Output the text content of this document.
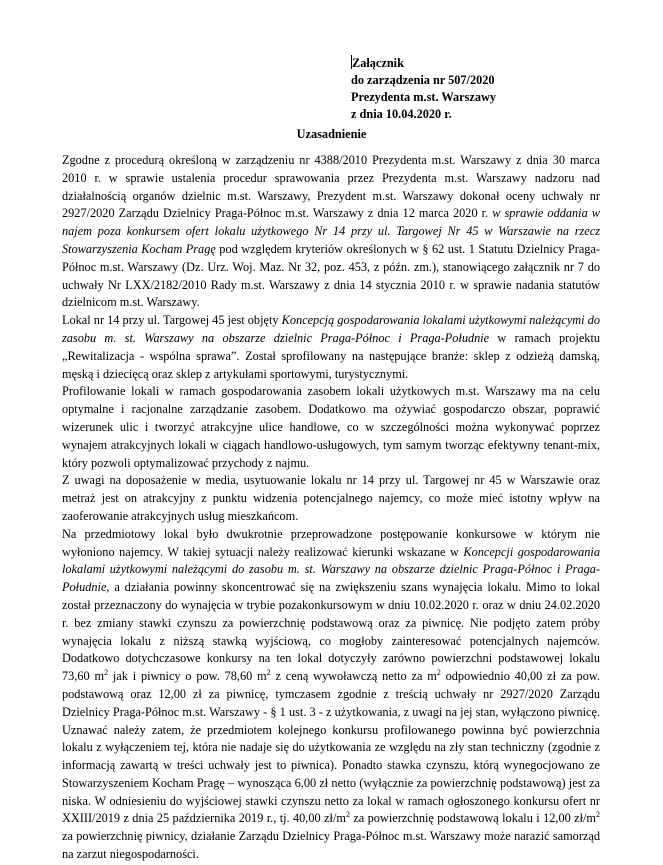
Załącznik
do zarządzenia nr 507/2020
Prezydenta m.st. Warszawy
z dnia 10.04.2020 r.
Uzasadnienie

Zgodne z procedurą określoną w zarządzeniu nr 4388/2010 Prezydenta m.st. Warszawy z dnia 30 marca 2010 r. w sprawie ustalenia procedur sprawowania przez Prezydenta m.st. Warszawy nadzoru nad działalnością organów dzielnic m.st. Warszawy, Prezydent m.st. Warszawy dokonał oceny uchwały nr 2927/2020 Zarządu Dzielnicy Praga-Północ m.st. Warszawy z dnia 12 marca 2020 r. w sprawie oddania w najem poza konkursem ofert lokalu użytkowego Nr 14 przy ul. Targowej Nr 45 w Warszawie na rzecz Stowarzyszenia Kocham Pragę pod względem kryteriów określonych w § 62 ust. 1 Statutu Dzielnicy Praga-Północ m.st. Warszawy (Dz. Urz. Woj. Maz. Nr 32, poz. 453, z późn. zm.), stanowiącego załącznik nr 7 do uchwały Nr LXX/2182/2010 Rady m.st. Warszawy z dnia 14 stycznia 2010 r. w sprawie nadania statutów dzielnicom m.st. Warszawy.

Lokal nr 14 przy ul. Targowej 45 jest objęty Koncepcją gospodarowania lokalami użytkowymi należącymi do zasobu m. st. Warszawy na obszarze dzielnic Praga-Północ i Praga-Południe w ramach projektu „Rewitalizacja - wspólna sprawa”. Został sprofilowany na następujące branże: sklep z odzieżą damską, męską i dziecięcą oraz sklep z artykułami sportowymi, turystycznymi.

Profilowanie lokali w ramach gospodarowania zasobem lokali użytkowych m.st. Warszawy ma na celu optymalne i racjonalne zarządzanie zasobem. Dodatkowo ma ożywiać gospodarczo obszar, poprawić wizerunek ulic i tworzyć atrakcyjne ulice handlowe, co w szczególności można wykonywać poprzez wynajem atrakcyjnych lokali w ciągach handlowo-usługowych, tym samym tworząc efektywny tenant-mix, który pozwoli optymalizować przychody z najmu.

Z uwagi na doposażenie w media, usytuowanie lokalu nr 14 przy ul. Targowej nr 45 w Warszawie oraz metraż jest on atrakcyjny z punktu widzenia potencjalnego najemcy, co może mieć istotny wpływ na zaoferowanie atrakcyjnych usług mieszkańcom.

Na przedmiotowy lokal było dwukrotnie przeprowadzone postępowanie konkursowe w którym nie wyłoniono najemcy. W takiej sytuacji należy realizować kierunki wskazane w Koncepcji gospodarowania lokalami użytkowymi należącymi do zasobu m. st. Warszawy na obszarze dzielnic Praga-Północ i Praga-Południe, a działania powinny skoncentrować się na zwiększeniu szans wynajęcia lokalu. Mimo to lokal został przeznaczony do wynajęcia w trybie pozakonkursowym w dniu 10.02.2020 r. oraz w dniu 24.02.2020 r. bez zmiany stawki czynszu za powierzchnię podstawową oraz za piwnicę. Nie podjęto zatem próby wynajęcia lokalu z niższą stawką wyjściową, co mogłoby zainteresować potencjalnych najemców. Dodatkowo dotychczasowe konkursy na ten lokal dotyczyły zarówno powierzchni podstawowej lokalu 73,60 $m^2$ jak i piwnicy o pow. 78,60 $m^2$ z ceną wywoławczą netto za $m^2$ odpowiednio 40,00 zł za pow. podstawową oraz 12,00 zł za piwnicę, tymczasem zgodnie z treścią uchwały nr 2927/2020 Zarządu Dzielnicy Praga-Północ m.st. Warszawy - § 1 ust. 3 - z użytkowania, z uwagi na jej stan, wyłączono piwnicę. Uznawać należy zatem, że przedmiotem kolejnego konkursu profilowanego powinna być powierzchnia lokalu z wyłączeniem tej, która nie nadaje się do użytkowania ze względu na zły stan techniczny (zgodnie z informacją zawartą w treści uchwały jest to piwnica). Ponadto stawka czynszu, którą wynegocjowano ze Stowarzyszeniem Kocham Pragę – wynosząca 6,00 zł netto (wyłącznie za powierzchnię podstawową) jest za niska. W odniesieniu do wyjściowej stawki czynszu netto za lokal w ramach ogłoszonego konkursu ofert nr XXIII/2019 z dnia 25 października 2019 r., tj. 40,00 $zł/m^2$ za powierzchnię podstawową lokalu i 12,00 $zł/m^2$ za powierzchnię piwnicy, działanie Zarządu Dzielnicy Praga-Północ m.st. Warszawy może narazić samorząd na zarzut niegospodarności.
